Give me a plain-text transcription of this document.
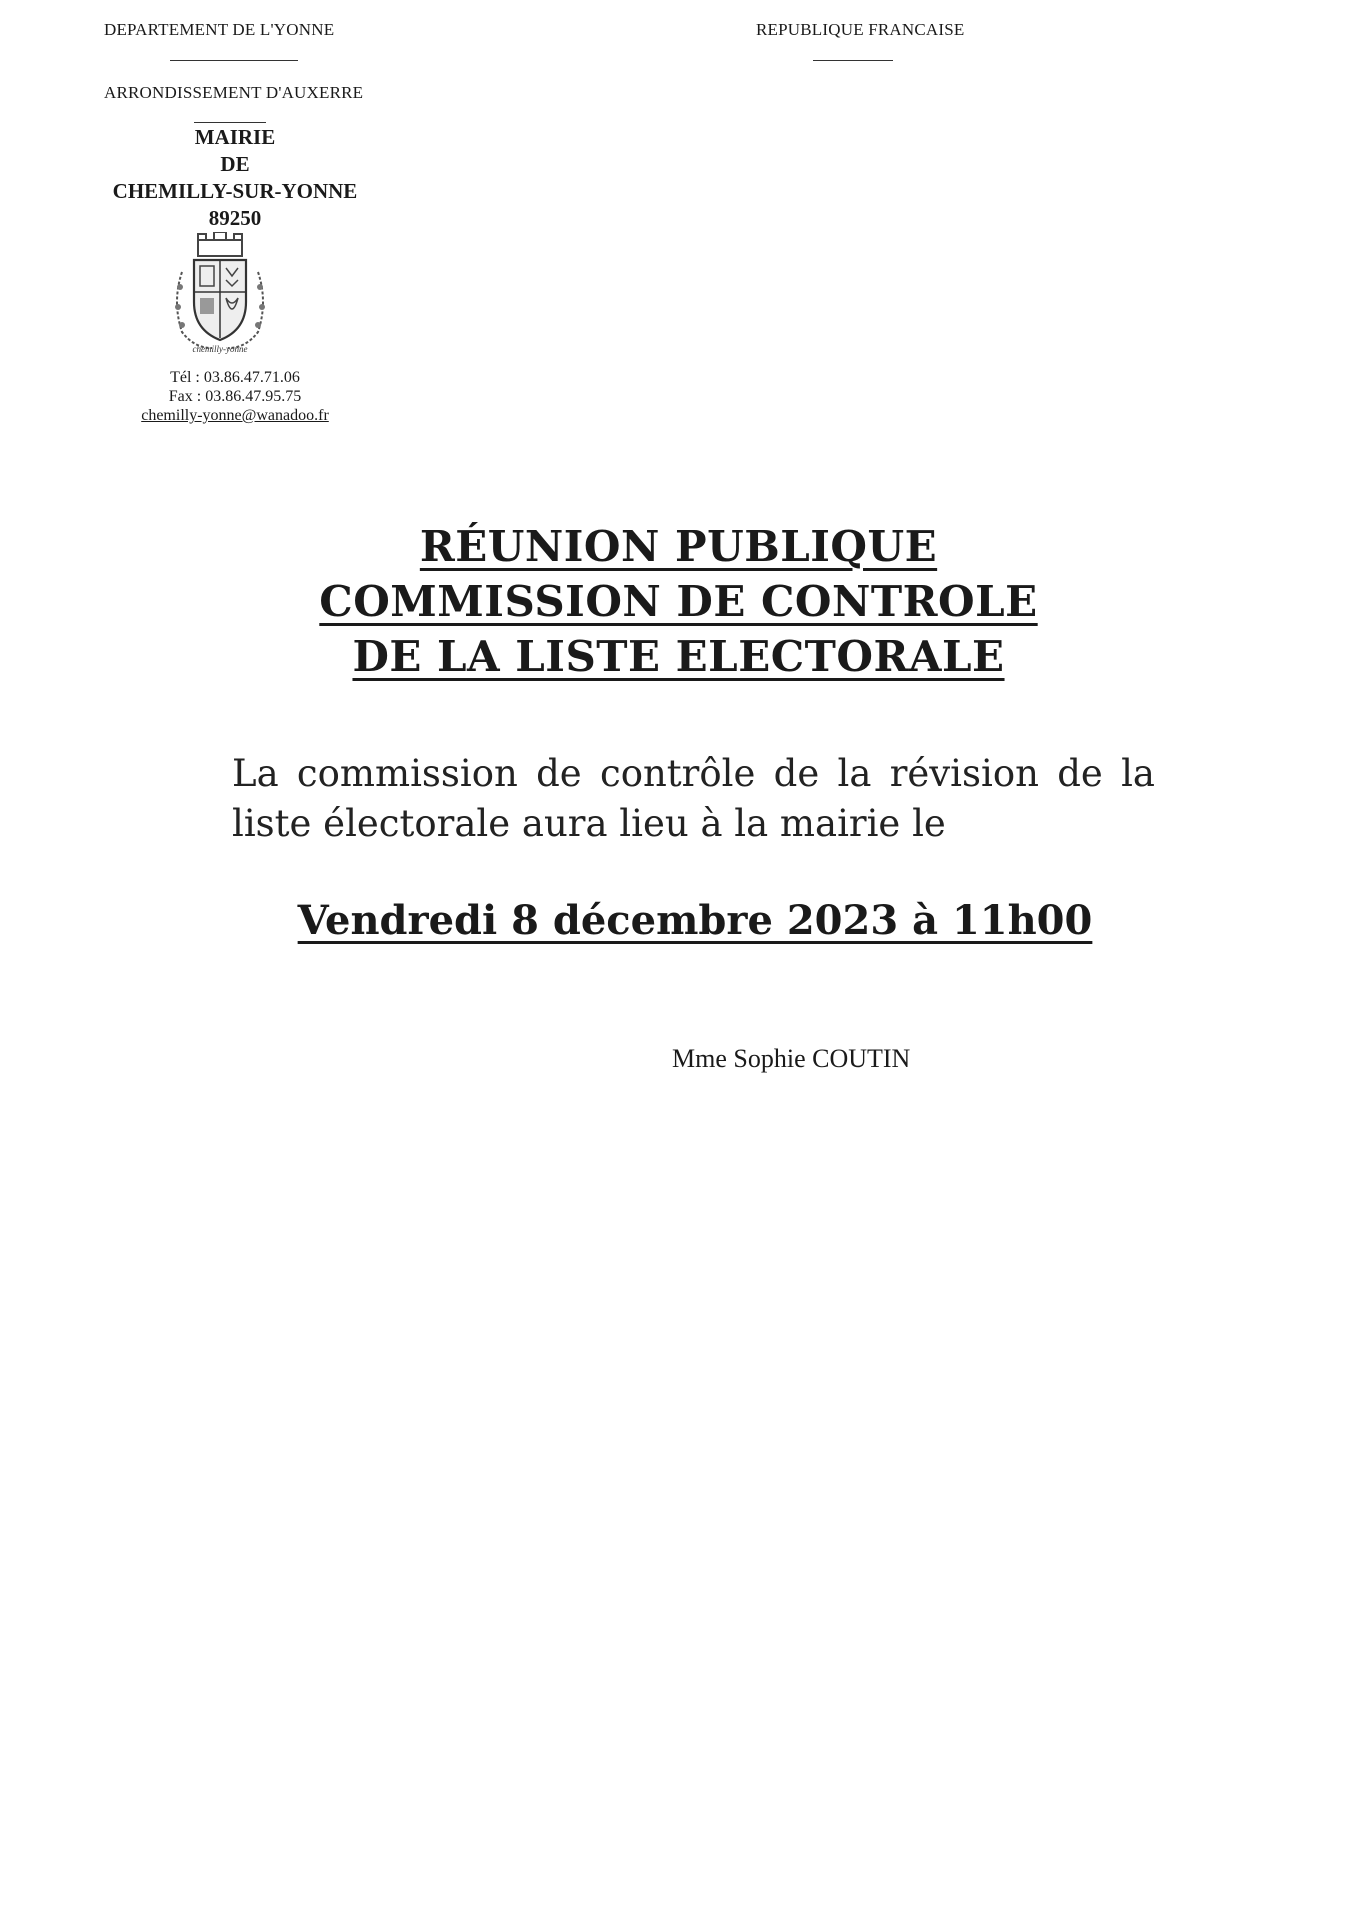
DEPARTEMENT DE L'YONNE
ARRONDISSEMENT D'AUXERRE
MAIRIE
DE
CHEMILLY-SUR-YONNE
89250
chemilly-yonne
Tél : 03.86.47.71.06
Fax : 03.86.47.95.75
chemilly-yonne@wanadoo.fr
REPUBLIQUE FRANCAISE
RÉUNION PUBLIQUE
COMMISSION DE CONTROLE
DE LA LISTE ELECTORALE
La commission de contrôle de la révision de la liste électorale aura lieu à la mairie le
Vendredi 8 décembre 2023 à 11h00
Mme Sophie COUTIN
